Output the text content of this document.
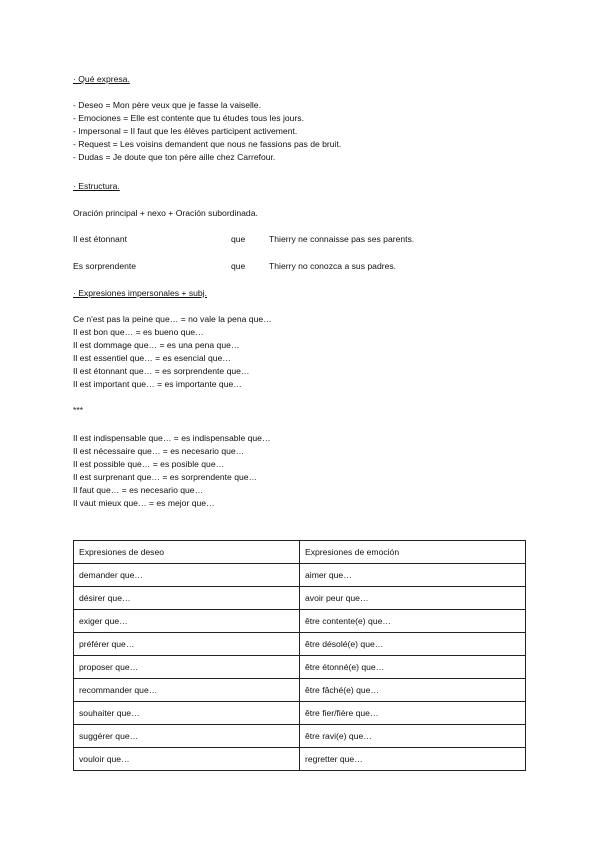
· Qué expresa.
- Deseo = Mon père veux que je fasse la vaiselle.
- Emociones = Elle est contente que tu études tous les jours.
- Impersonal = Il faut que les élèves participent activement.
- Request = Les voisins demandent que nous ne fassions pas de bruit.
- Dudas = Je doute que ton père aille chez Carrefour.
· Estructura.
Oración principal + nexo + Oración subordinada.
Il est étonnant	que	Thierry ne connaisse pas ses parents.
Es sorprendente	que	Thierry no conozca a sus padres.
· Expresiones impersonales + subj.
Ce n'est pas la peine que… = no vale la pena que…
Il est bon que… = es bueno que…
Il est dommage que… = es una pena que…
Il est essentiel que… = es esencial que…
Il est étonnant que… = es sorprendente que…
Il est important que… = es importante que…
***
Il est indispensable que… = es indispensable que…
Il est nécessaire que… = es necesario que…
Il est possible que… = es posible que…
Il est surprenant que… = es sorprendente que…
Il faut que… = es necesario que…
Il vaut mieux que… = es mejor que…
Expresiones de deseo	Expresiones de emoción
demander que…	aimer que…
désirer que…	avoir peur que…
exiger que…	être contente(e) que…
préférer que…	être désolé(e) que…
proposer que…	être étonné(e) que…
recommander que…	être fâché(e) que…
souhaiter que…	être fier/fière que…
suggérer que…	être ravi(e) que…
vouloir que…	regretter que…
